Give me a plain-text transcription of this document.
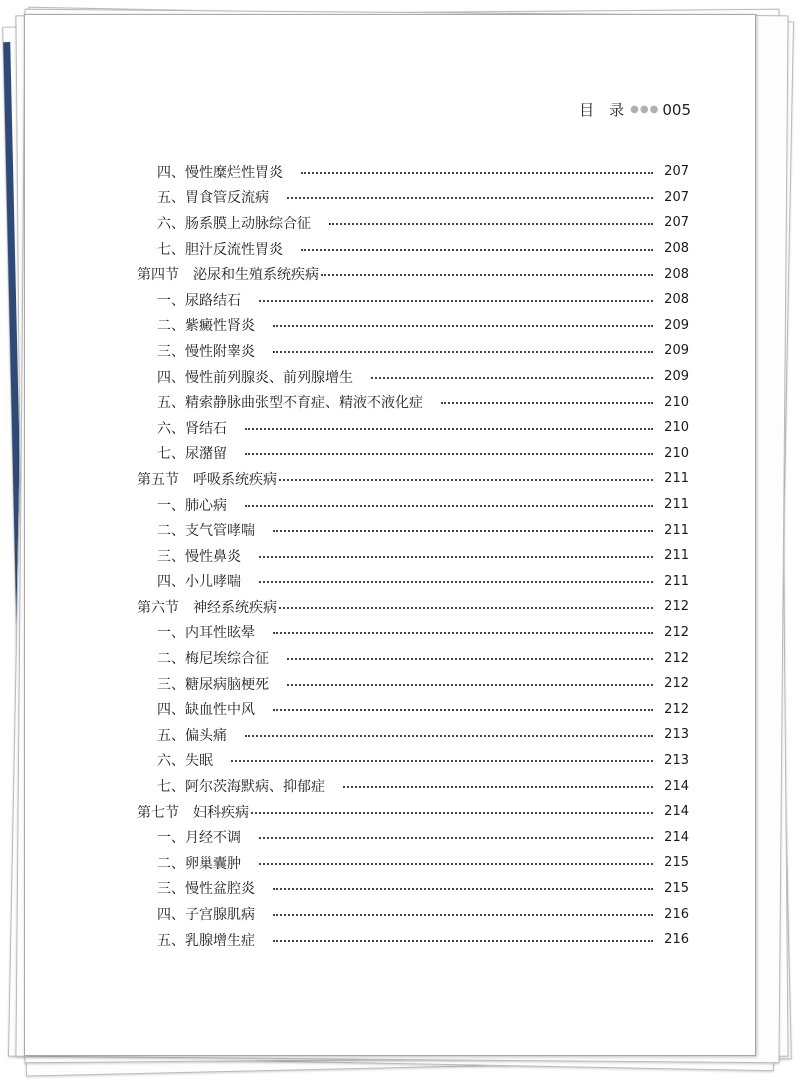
目　录 ●●● 005
四、慢性糜烂性胃炎	207
五、胃食管反流病	207
六、肠系膜上动脉综合征	207
七、胆汁反流性胃炎	208
第四节　泌尿和生殖系统疾病	208
一、尿路结石	208
二、紫癜性肾炎	209
三、慢性附睾炎	209
四、慢性前列腺炎、前列腺增生	209
五、精索静脉曲张型不育症、精液不液化症	210
六、肾结石	210
七、尿潴留	210
第五节　呼吸系统疾病	211
一、肺心病	211
二、支气管哮喘	211
三、慢性鼻炎	211
四、小儿哮喘	211
第六节　神经系统疾病	212
一、内耳性眩晕	212
二、梅尼埃综合征	212
三、糖尿病脑梗死	212
四、缺血性中风	212
五、偏头痛	213
六、失眠	213
七、阿尔茨海默病、抑郁症	214
第七节　妇科疾病	214
一、月经不调	214
二、卵巢囊肿	215
三、慢性盆腔炎	215
四、子宫腺肌病	216
五、乳腺增生症	216
